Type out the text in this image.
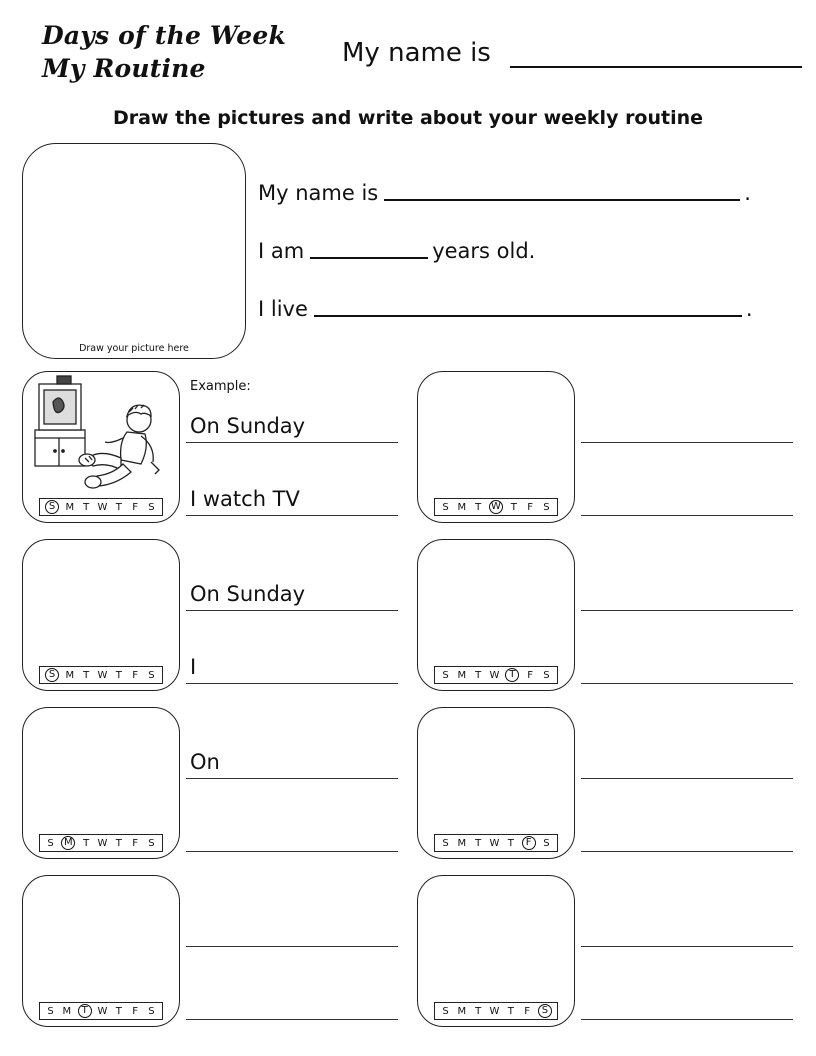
Days of the Week
My Routine
My name is
Draw the pictures and write about your weekly routine
Draw your picture here
My name is	.
I am	years old.
I live	.
Example:
S	M T W T F S
On Sunday
I watch TV	S M T W T F S
S	M T W T F S
On Sunday
I	S M T W T	F S
S M T W T F S
On
S M T W T	F	S
S M	T W T F S	S M T W T F	S
